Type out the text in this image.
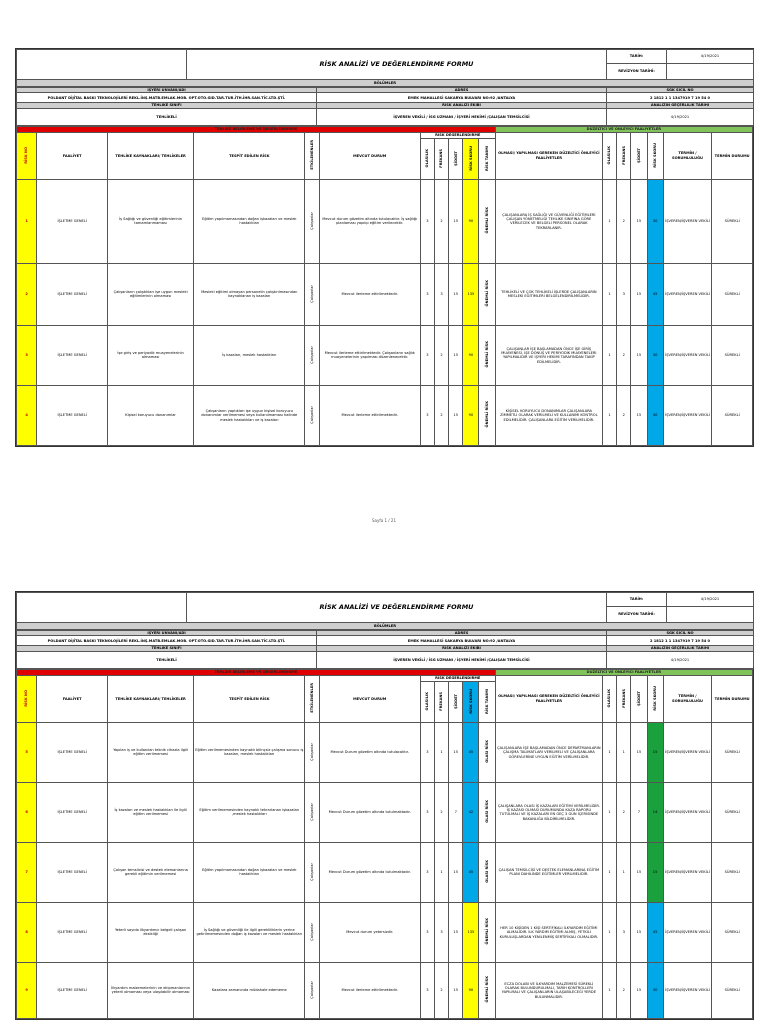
	RİSK ANALİZİ VE DEĞERLENDİRME FORMU	TARİH:	4/19/2021
		REVİZYON TARİHİ:	
BÖLÜMLER			
İŞYERİ ÜNVANI/ADI	ADRES	SGK SİCİL NO
POLDANT DİJİTAL BASKI TEKNOLOJİLERİ REKL.İNŞ.MATB.EMLAK.MOB. OPT.OTO.GID.TAR.TUR.İTH.İHR.SAN.TİC.LTD.ŞTİ.	EMEK MAHALLESİ SAKARYA BULVARI NO:92 /ANTALYA	2 1812 1 1 1347919 7 19 54 0
TEHLİKE SINIFI	RİSK ANALİZİ EKİBİ	ANALİZİN GEÇERLİLİK TARİHİ
TEHLİKELİ	İŞVEREN VEKİLİ / İSG UZMANI / İŞYERİ HEKİMİ /ÇALIŞAN TEMSİLCİSİ	4/19/2021
TEHLİKE BELİRLEME VE DEĞERLENDİRME											DÜZELTİCİ VE ÖNLEYİCİ FAALİYETLER						
RİSK NO	FAALİYET	TEHLİKE KAYNAKLARI/ TEHLİKELER	TESPİT EDİLEN RİSK	ETKİLENENLER	MEVCUT DURUM	RİSK DEĞERLENDİRME					OLMASI/ YAPILMASI GEREKEN DÜZELTİCİ ÖNLEYİCİ FAALİYETLER	OLASILIK	FREKANS	ŞİDDET	RİSK SKORU	TERMİN / SORUMLULUĞU	TERMİN DURUMU
						OLASILIK	FREKANS	ŞİDDET	RİSK SKORU	RİSK TANIMI							
1	İŞLETME GENELİ	İş Sağlığı ve güvenliği eğitimlerinin tamamlanmaması	Eğitim yapılmamasından doğan işkazaları ve meslek hastalıkları	Çalışanlar	Mevcut durum gözetim altında tutulacaktır. İş sağlığı planlaması yapılıp eğitim verilecektir.	3	2	15	90	ÖNEMLİ RİSK	ÇALIŞANLARA İŞ SAĞLIĞI VE GÜVENLİĞİ EĞİTİMLERİ ÇALIŞAN YÖNETMELİĞİ TEHLİKE SINIFINA GÖRE VERİLECEK VE BELGELİ PERSONEL OLARAK TEKRARLANIR.	1	2	15	30	İŞVEREN/İŞVEREN VEKİLİ	SÜREKLİ
2	İŞLETME GENELİ	Çalışanların çalıştıkları işe uygun mesleki eğitimlerinin olmaması	Mesleki eğitimi olmayan personelin çalıştırılmasından kaynaklanan iş kazaları	Çalışanlar	Mevcut ilerleme ettirilmektedir.	3	3	15	135	ÖNEMLİ RİSK	TEHLİKELİ VE ÇOK TEHLİKELİ İŞLERDE ÇALIŞANLARIN MESLEKİ EĞİTİMLERİ BELGELENDİRİLMELİDİR.	1	3	15	45	İŞVEREN/İŞVEREN VEKİLİ	SÜREKLİ
3	İŞLETME GENELİ	İşe giriş ve periyodik muayenelerinin olmaması	İş kazaları, meslek hastalıkları	Çalışanlar	Mevcut ilerleme ettirilmektedir. Çalışanların sağlık muayenelerinin yapılması düzenlenecektir.	3	2	15	90	ÖNEMLİ RİSK	ÇALIŞANLAR İŞE BAŞLAMADAN ÖNCE İŞE GİRİŞ MUAYENESİ, İŞE DÖNÜŞ VE PERİYODİK MUAYENELERİ YAPILMALIDIR VE İŞYERİ HEKİMİ TARAFINDAN TAKİP EDİLMELİDİR.	1	2	15	30	İŞVEREN/İŞVEREN VEKİLİ	SÜREKLİ
4	İŞLETME GENELİ	Kişisel koruyucu donanımlar	Çalışanların yaptıkları işe uygun kişisel koruyucu donanımlar verilmemesi veya kullanılmaması halinde meslek hastalıkları ve iş kazaları	Çalışanlar	Mevcut ilerleme ettirilmektedir.	3	2	15	90	ÖNEMLİ RİSK	KİŞİSEL KORUYUCU DONANIMLAR ÇALIŞANLARA ZİMMETLİ OLARAK VERİLMELİ VE KULLANIMI KONTROL EDİLMELİDİR. ÇALIŞANLARA EĞİTİM VERİLMELİDİR.	1	2	15	30	İŞVEREN/İŞVEREN VEKİLİ	SÜREKLİ
Sayfa 1 / 21
	RİSK ANALİZİ VE DEĞERLENDİRME FORMU	TARİH:	4/19/2021
		REVİZYON TARİHİ:	
BÖLÜMLER			
İŞYERİ ÜNVANI/ADI	ADRES	SGK SİCİL NO
POLDANT DİJİTAL BASKI TEKNOLOJİLERİ REKL.İNŞ.MATB.EMLAK.MOB. OPT.OTO.GID.TAR.TUR.İTH.İHR.SAN.TİC.LTD.ŞTİ.	EMEK MAHALLESİ SAKARYA BULVARI NO:92 /ANTALYA	2 1812 1 1 1347919 7 19 54 0
TEHLİKE SINIFI	RİSK ANALİZİ EKİBİ	ANALİZİN GEÇERLİLİK TARİHİ
TEHLİKELİ	İŞVEREN VEKİLİ / İSG UZMANI / İŞYERİ HEKİMİ /ÇALIŞAN TEMSİLCİSİ	4/19/2021
TEHLİKE BELİRLEME VE DEĞERLENDİRME											DÜZELTİCİ VE ÖNLEYİCİ FAALİYETLER						
RİSK NO	FAALİYET	TEHLİKE KAYNAKLARI/ TEHLİKELER	TESPİT EDİLEN RİSK	ETKİLENENLER	MEVCUT DURUM	RİSK DEĞERLENDİRME					OLMASI/ YAPILMASI GEREKEN DÜZELTİCİ ÖNLEYİCİ FAALİYETLER	OLASILIK	FREKANS	ŞİDDET	RİSK SKORU	TERMİN / SORUMLULUĞU	TERMİN DURUMU
						OLASILIK	FREKANS	ŞİDDET	RİSK SKORU	RİSK TANIMI							
5	İŞLETME GENELİ	Yapılan iş ve kullanılan teknik cihazla ilgili eğitim verilmemesi	Eğitim verilmemesinden kaynaklı bilinçsiz çalışma sonucu iş kazaları, meslek hastalıkları	Çalışanlar	Mevcut Durum gözetim altında tutulacaktır.	3	1	15	45	OLASI RİSK	ÇALIŞANLARA İŞE BAŞLAMADAN ÖNCE DEPARTMANLARIN ÇALIŞMA TALİMATLARI VERİLMELİ VE ÇALIŞANLARA GÖREVLERİNE UYGUN EĞİTİM VERİLMELİDİR.	1	1	15	15	İŞVEREN/İŞVEREN VEKİLİ	SÜREKLİ
6	İŞLETME GENELİ	İş kazaları ve meslek hastalıkları ile ilgili eğitim verilmemesi	Eğitim verilmemesinden kaynaklı tekrarlanan işkazaları ,meslek hastalıkları	Çalışanlar	Mevcut Durum gözetim altında tutulmaktadır.	3	2	7	42	OLASI RİSK	ÇALIŞANLARA OLASI İŞ KAZALARI EĞİTİMİ VERİLMELİDİR. İŞ KAZASI OLMASI DURUMUNDA KAZA RAPORU TUTULMALI VE İŞ KAZALARI EN GEÇ 3 GÜN İÇERİSİNDE BAKANLIĞA BİLDİRİLMELİDİR.	1	2	7	14	İŞVEREN/İŞVEREN VEKİLİ	SÜREKLİ
7	İŞLETME GENELİ	Çalışan temsilcisi ve destek elemanlarına gerekli eğitimin verilmemesi	Eğitim yapılmamasından doğan işkazaları ve meslek hastalıkları	Çalışanlar	Mevcut Durum gözetim altında tutulmaktadır.	3	1	15	45	OLASI RİSK	ÇALIŞAN TEMSİLCİSİ VE DESTEK ELEMANLARINA EĞİTİM PLANI DAHİLİNDE EĞİTİMLER VERİLMELİDİR.	1	1	15	15	İŞVEREN/İŞVEREN VEKİLİ	SÜREKLİ
8	İŞLETME GENELİ	Yeterli sayıda ilkyardımcı belgeli çalışan eksikliği	İş Sağlığı ve güvenliği ile ilgili gerekliliklerin yerine getirilmemesinden doğan iş kazaları ve meslek hastalıkları	Çalışanlar	Mevcut durum yetersizdir.	3	3	15	135	ÖNEMLİ RİSK	HER 10 KİŞİDEN 1 KİŞİ SERTİFİKALI İLKYARDIM EĞİTİMİ ALMALIDIR. İLK YARDIM EĞİTİMİ ALMIŞ, YETKİLİ KURULUŞLARDAN YENİLENMİŞ SERTİFİKALI OLMALIDIR.	1	3	15	45	İŞVEREN/İŞVEREN VEKİLİ	SÜREKLİ
9	İŞLETME GENELİ	İlkyardım malzemelerinin ve ekipmanlarının yeterli olmaması veya ulaşılabilir olmaması	Kazalara zamanında müdahale edememe	Çalışanlar	Mevcut ilerleme ettirilmektedir.	3	2	15	90	ÖNEMLİ RİSK	ECZA DOLABI VE İLKYARDIM MALZEMESİ SÜREKLİ OLARAK BULUNDURULMALI, TARİH KONTROLLERİ YAPILMALI VE ÇALIŞANLARIN ULAŞABİLECEĞİ YERDE BULUNMALIDIR.	1	2	15	30	İŞVEREN/İŞVEREN VEKİLİ	SÜREKLİ
